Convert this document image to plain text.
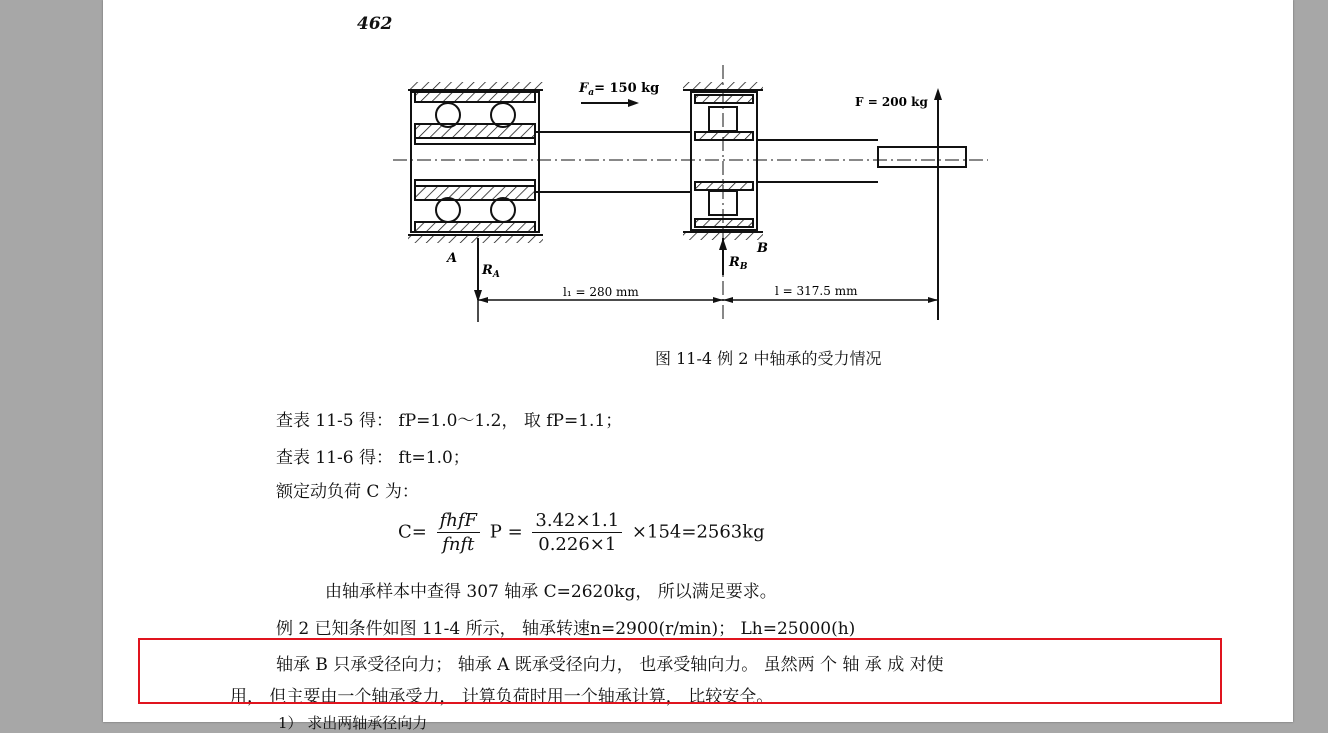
462
$F_a= 150$ kg
F = 200 kg
A
$R_A$
B
$R_B$
l₁ = 280 mm	l = 317.5 mm
图 11-4 例 2 中轴承的受力情况
查表 11-5 得： fP=1.0～1.2， 取 fP=1.1；
查表 11-6 得： ft=1.0；
额定动负荷 C 为：
$C= \frac{\text{fhfF}}{\text{fnft}}$ $P = \frac{3.42\times 1.1}{0.226\times 1} \times 154=2563kg$
由轴承样本中查得 307 轴承 C=2620kg， 所以满足要求。
例 2 已知条件如图 11-4 所示， 轴承转速n=2900(r/min)； Lh=25000(h)
轴承 B 只承受径向力； 轴承 A 既承受径向力， 也承受轴向力。 虽然两 个 轴 承 成 对使
用， 但主要由一个轴承受力， 计算负荷时用一个轴承计算， 比较安全。
1） 求出两轴承径向力
